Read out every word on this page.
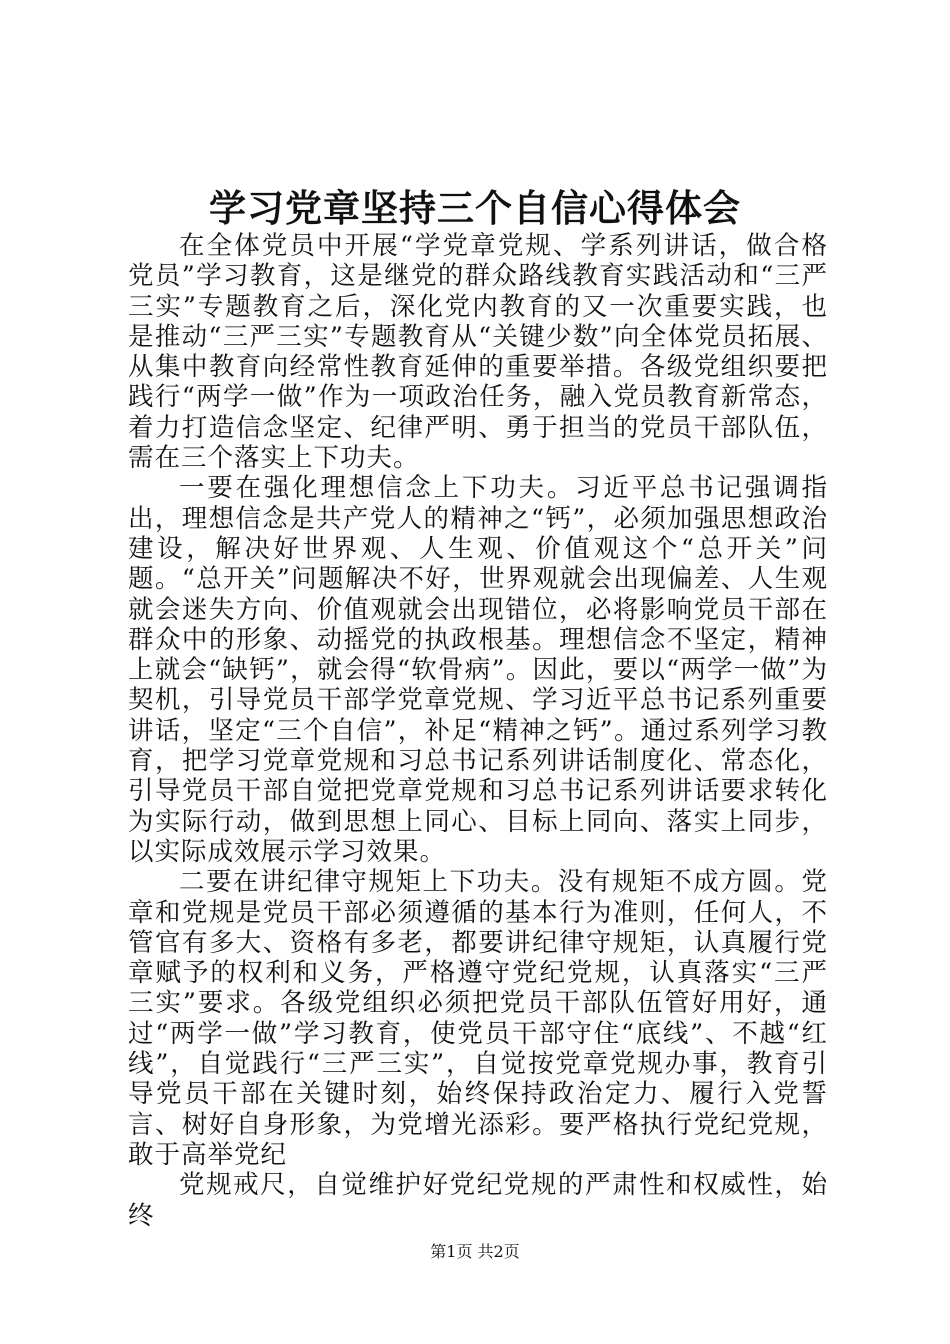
学习党章坚持三个自信心得体会

在全体党员中开展“学党章党规、学系列讲话，做合格党员”学习教育，这是继党的群众路线教育实践活动和“三严三实”专题教育之后，深化党内教育的又一次重要实践，也是推动“三严三实”专题教育从“关键少数”向全体党员拓展、从集中教育向经常性教育延伸的重要举措。各级党组织要把践行“两学一做”作为一项政治任务，融入党员教育新常态，着力打造信念坚定、纪律严明、勇于担当的党员干部队伍，需在三个落实上下功夫。

一要在强化理想信念上下功夫。习近平总书记强调指出，理想信念是共产党人的精神之“钙”，必须加强思想政治建设，解决好世界观、人生观、价值观这个“总开关”问题。“总开关”问题解决不好，世界观就会出现偏差、人生观就会迷失方向、价值观就会出现错位，必将影响党员干部在群众中的形象、动摇党的执政根基。理想信念不坚定，精神上就会“缺钙”，就会得“软骨病”。因此，要以“两学一做”为契机，引导党员干部学党章党规、学习近平总书记系列重要讲话，坚定“三个自信”，补足“精神之钙”。通过系列学习教育，把学习党章党规和习总书记系列讲话制度化、常态化，引导党员干部自觉把党章党规和习总书记系列讲话要求转化为实际行动，做到思想上同心、目标上同向、落实上同步，以实际成效展示学习效果。

二要在讲纪律守规矩上下功夫。没有规矩不成方圆。党章和党规是党员干部必须遵循的基本行为准则，任何人，不管官有多大、资格有多老，都要讲纪律守规矩，认真履行党章赋予的权利和义务，严格遵守党纪党规，认真落实“三严三实”要求。各级党组织必须把党员干部队伍管好用好，通过“两学一做”学习教育，使党员干部守住“底线”、不越“红线”，自觉践行“三严三实”，自觉按党章党规办事，教育引导党员干部在关键时刻，始终保持政治定力、履行入党誓言、树好自身形象，为党增光添彩。要严格执行党纪党规，敢于高举党纪

党规戒尺，自觉维护好党纪党规的严肃性和权威性，始终

第1页 共2页
